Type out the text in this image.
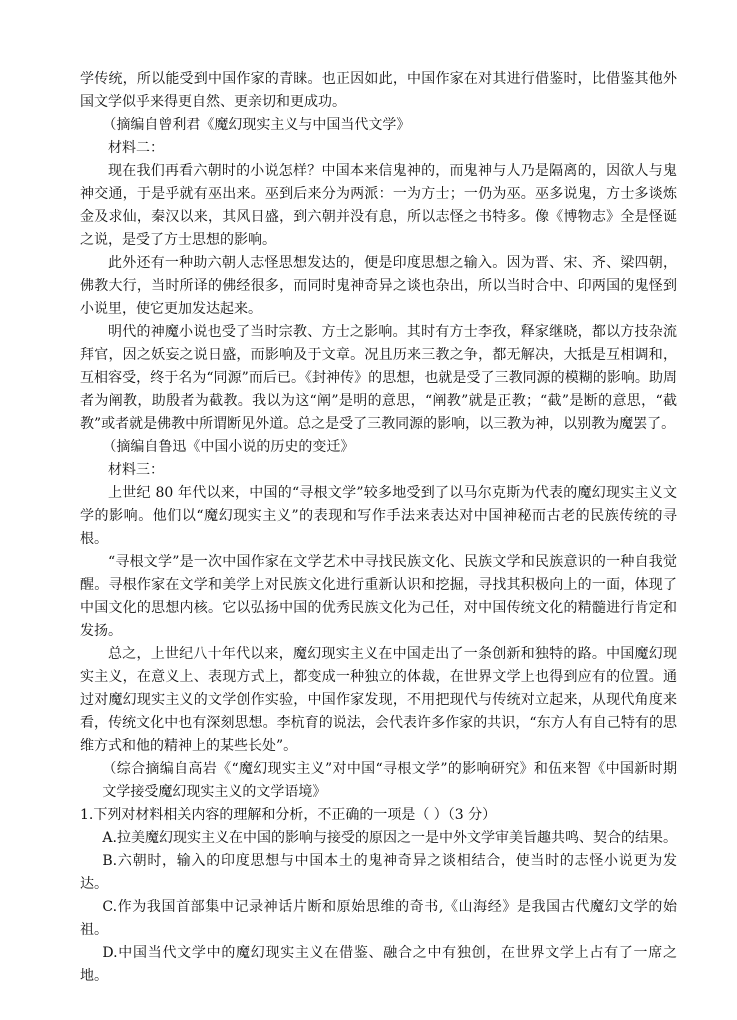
学传统，所以能受到中国作家的青睐。也正因如此，中国作家在对其进行借鉴时，比借鉴其他外国文学似乎来得更自然、更亲切和更成功。

（摘编自曾利君《魔幻现实主义与中国当代文学》

材料二：

现在我们再看六朝时的小说怎样？中国本来信鬼神的，而鬼神与人乃是隔离的，因欲人与鬼神交通，于是乎就有巫出来。巫到后来分为两派：一为方士；一仍为巫。巫多说鬼，方士多谈炼金及求仙，秦汉以来，其风日盛，到六朝并没有息，所以志怪之书特多。像《博物志》全是怪诞之说，是受了方士思想的影响。

此外还有一种助六朝人志怪思想发达的，便是印度思想之输入。因为晋、宋、齐、梁四朝，佛教大行，当时所译的佛经很多，而同时鬼神奇异之谈也杂出，所以当时合中、印两国的鬼怪到小说里，使它更加发达起来。

明代的神魔小说也受了当时宗教、方士之影响。其时有方士李孜，释家继晓，都以方技杂流拜官，因之妖妄之说日盛，而影响及于文章。况且历来三教之争，都无解决，大抵是互相调和，互相容受，终于名为“同源”而后已。《封神传》的思想，也就是受了三教同源的模糊的影响。助周者为阐教，助殷者为截教。我以为这“阐”是明的意思，“阐教”就是正教；“截”是断的意思，“截教”或者就是佛教中所谓断见外道。总之是受了三教同源的影响，以三教为神，以别教为魔罢了。

（摘编自鲁迅《中国小说的历史的变迁》

材料三：

上世纪 80 年代以来，中国的“寻根文学”较多地受到了以马尔克斯为代表的魔幻现实主义文学的影响。他们以“魔幻现实主义”的表现和写作手法来表达对中国神秘而古老的民族传统的寻根。

“寻根文学”是一次中国作家在文学艺术中寻找民族文化、民族文学和民族意识的一种自我觉醒。寻根作家在文学和美学上对民族文化进行重新认识和挖掘，寻找其积极向上的一面，体现了中国文化的思想内核。它以弘扬中国的优秀民族文化为己任，对中国传统文化的精髓进行肯定和发扬。

总之，上世纪八十年代以来，魔幻现实主义在中国走出了一条创新和独特的路。中国魔幻现实主义，在意义上、表现方式上，都变成一种独立的体裁，在世界文学上也得到应有的位置。通过对魔幻现实主义的文学创作实验，中国作家发现，不用把现代与传统对立起来，从现代角度来看，传统文化中也有深刻思想。李杭育的说法，会代表许多作家的共识，“东方人有自己特有的思维方式和他的精神上的某些长处”。

（综合摘编自高岩《“魔幻现实主义”对中国“寻根文学”的影响研究》和伍来智《中国新时期文学接受魔幻现实主义的文学语境》

1.下列对材料相关内容的理解和分析，不正确的一项是（ ）（3 分）

A.拉美魔幻现实主义在中国的影响与接受的原因之一是中外文学审美旨趣共鸣、契合的结果。

B.六朝时，输入的印度思想与中国本土的鬼神奇异之谈相结合，使当时的志怪小说更为发达。

C.作为我国首部集中记录神话片断和原始思维的奇书,《山海经》是我国古代魔幻文学的始祖。

D.中国当代文学中的魔幻现实主义在借鉴、融合之中有独创，在世界文学上占有了一席之地。
